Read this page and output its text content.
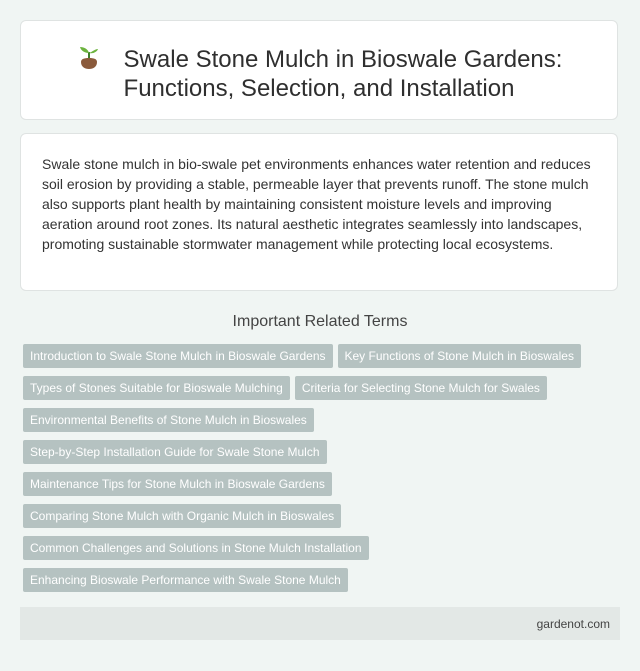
Swale Stone Mulch in Bioswale Gardens: Functions, Selection, and Installation
Swale stone mulch in bio-swale pet environments enhances water retention and reduces soil erosion by providing a stable, permeable layer that prevents runoff. The stone mulch also supports plant health by maintaining consistent moisture levels and improving aeration around root zones. Its natural aesthetic integrates seamlessly into landscapes, promoting sustainable stormwater management while protecting local ecosystems.
Important Related Terms
Introduction to Swale Stone Mulch in Bioswale Gardens Key Functions of Stone Mulch in Bioswales
Types of Stones Suitable for Bioswale Mulching Criteria for Selecting Stone Mulch for Swales
Environmental Benefits of Stone Mulch in Bioswales
Step-by-Step Installation Guide for Swale Stone Mulch
Maintenance Tips for Stone Mulch in Bioswale Gardens
Comparing Stone Mulch with Organic Mulch in Bioswales
Common Challenges and Solutions in Stone Mulch Installation
Enhancing Bioswale Performance with Swale Stone Mulch
gardenot.com
